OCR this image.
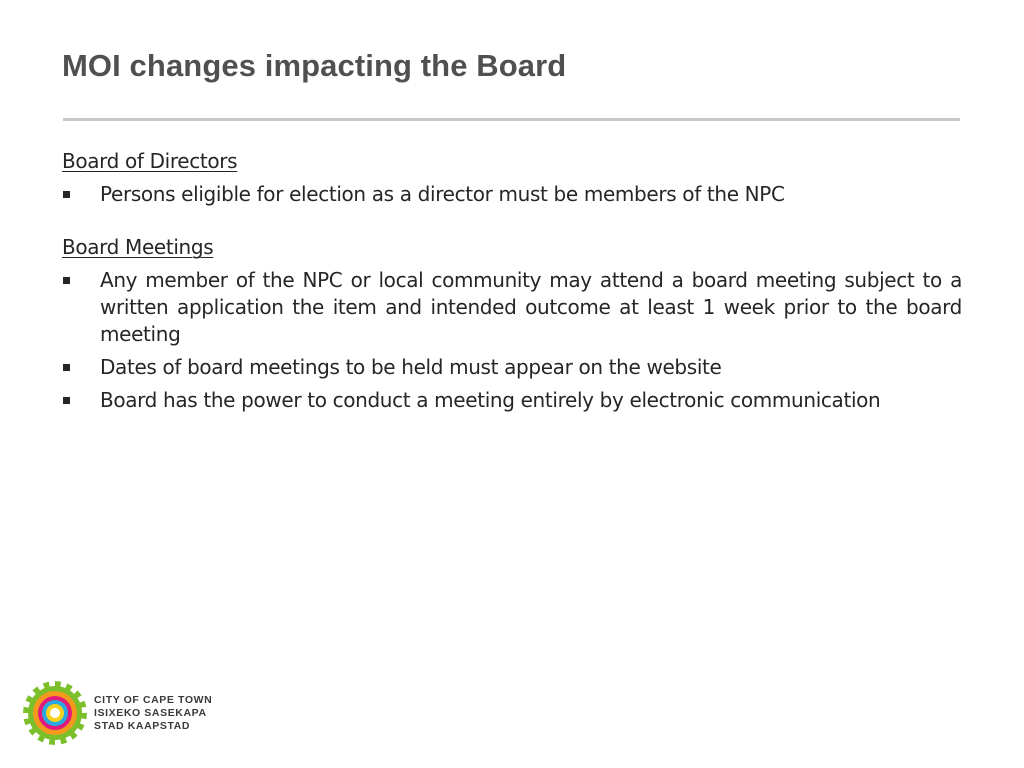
MOI changes impacting the Board
Board of Directors
Persons eligible for election as a director must be members of the NPC
Board Meetings
Any member of the NPC or local community may attend a board meeting subject to a written application the item and intended outcome at least 1 week prior to the board meeting
Dates of board meetings to be held must appear on the website
Board has the power to conduct a meeting entirely by electronic communication
CITY OF CAPE TOWN
ISIXEKO SASEKAPA
STAD KAAPSTAD
